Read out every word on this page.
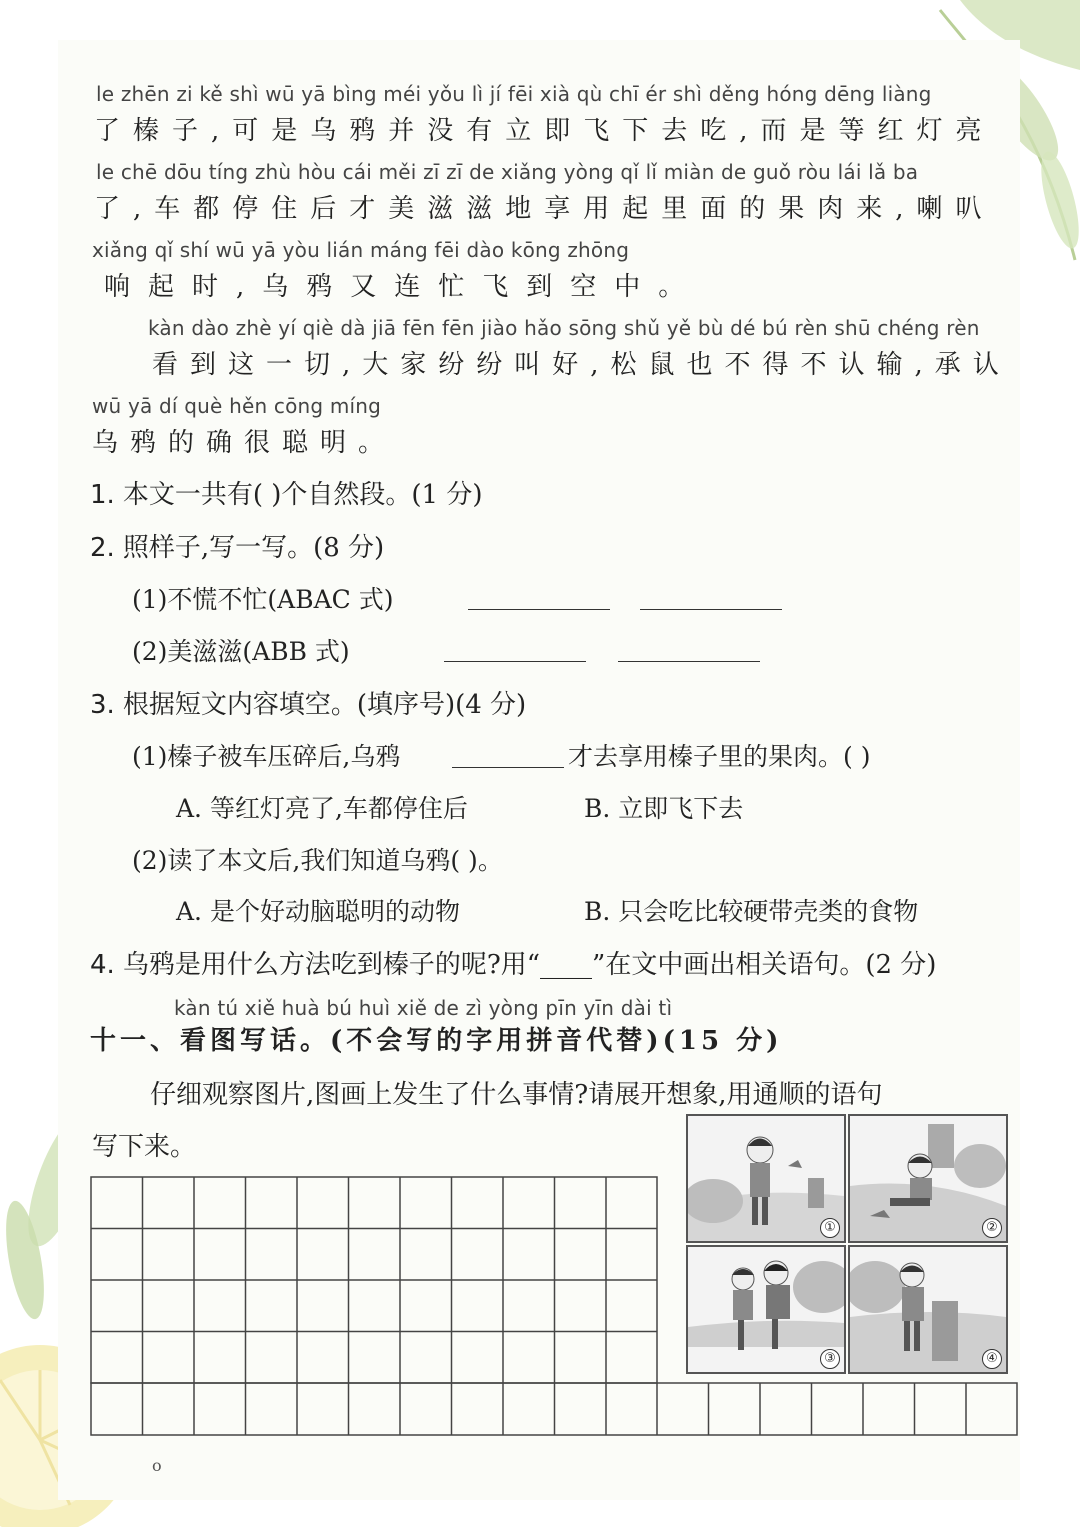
le zhēn zi kě shì wū yā bìng méi yǒu lì jí fēi xià qù chī ér shì děng hóng dēng liàng
了榛子,可是乌鸦并没有立即飞下去吃,而是等红灯亮
le chē dōu tíng zhù hòu cái měi zī zī de xiǎng yòng qǐ lǐ miàn de guǒ ròu lái lǎ ba
了,车都停住后才美滋滋地享用起里面的果肉来,喇叭
xiǎng qǐ shí wū yā yòu lián máng fēi dào kōng zhōng
响起时,乌鸦又连忙飞到空中。
kàn dào zhè yí qiè dà jiā fēn fēn jiào hǎo sōng shǔ yě bù dé bú rèn shū chéng rèn
看到这一切,大家纷纷叫好,松鼠也不得不认输,承认
wū yā dí què hěn cōng míng
乌鸦的确很聪明。
1. 本文一共有( )个自然段。(1 分)
2. 照样子,写一写。(8 分)
(1)不慌不忙(ABAC 式)
(2)美滋滋(ABB 式)
3. 根据短文内容填空。(填序号)(4 分)
(1)榛子被车压碎后,乌鸦	才去享用榛子里的果肉。( )
A. 等红灯亮了,车都停住后	B. 立即飞下去
(2)读了本文后,我们知道乌鸦( )。
A. 是个好动脑聪明的动物	B. 只会吃比较硬带壳类的食物
4. 乌鸦是用什么方法吃到榛子的呢?用“____”在文中画出相关语句。(2 分)
kàn tú xiě huà bú huì xiě de zì yòng pīn yīn dài tì
十一、看图写话。(不会写的字用拼音代替)(15 分)
仔细观察图片,图画上发生了什么事情?请展开想象,用通顺的语句
写下来。
①	②
③	④
o
